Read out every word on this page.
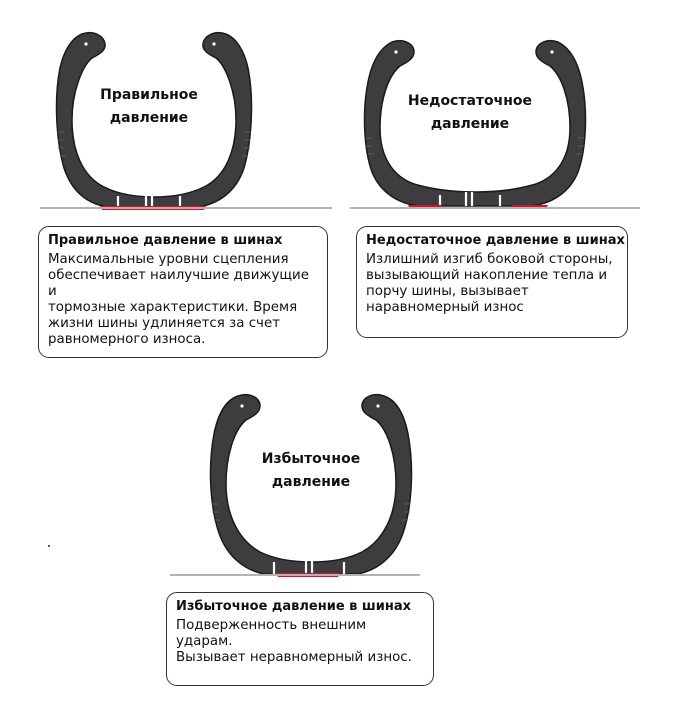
Правильное
давление
Недостаточное
давление
Правильное давление в шинах

Максимальные уровни сцепления
обеспечивает наилучшие движущие и
тормозные характеристики. Время
жизни шины удлиняется за счет
равномерного износа.

Недостаточное давление в шинах

Излишний изгиб боковой стороны,
вызывающий накопление тепла и
порчу шины, вызывает
наравномерный износ

Избыточное
давление
Избыточное давление в шинах

Подверженность внешним ударам.
Вызывает неравномерный износ.
